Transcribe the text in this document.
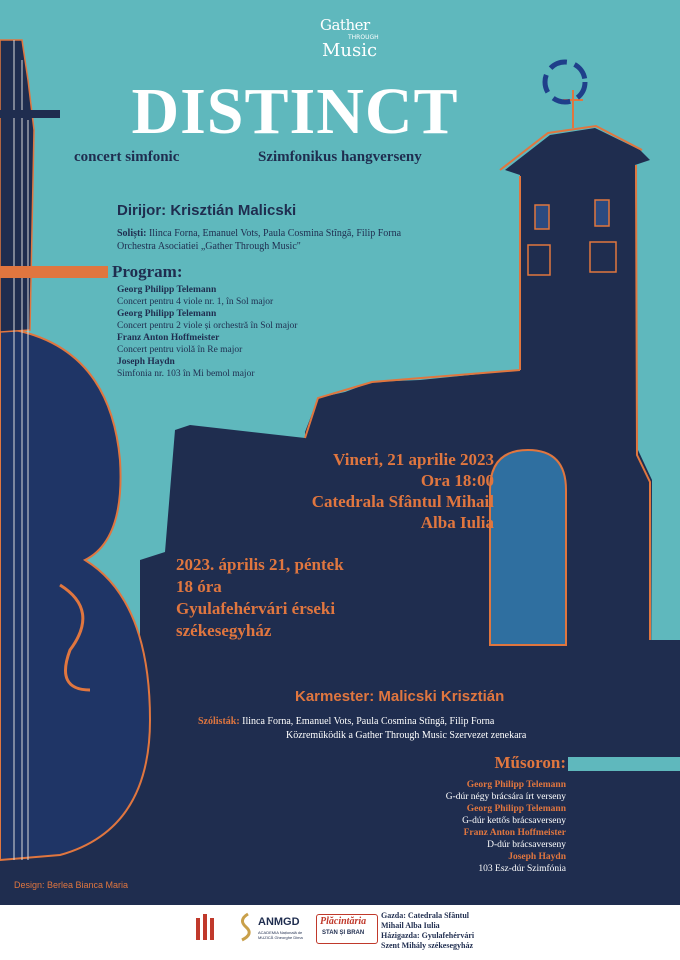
Gather
THROUGH
Music
DISTINCT
concert simfonic	Szimfonikus hangverseny
Dirijor: Krisztián Malicski
Soliști: Ilinca Forna, Emanuel Vots, Paula Cosmina Stîngă, Filip Forna
Orchestra Asociatiei „Gather Through Music"
Program:
Georg Philipp Telemann
Concert pentru 4 viole nr. 1, în Sol major
Georg Philipp Telemann
Concert pentru 2 viole și orchestră în Sol major
Franz Anton Hoffmeister
Concert pentru violă în Re major
Joseph Haydn
Simfonia nr. 103 în Mi bemol major
Vineri, 21 aprilie 2023
Ora 18:00
Catedrala Sfântul Mihail
Alba Iulia
2023. április 21, péntek
18 óra
Gyulafehérvári érseki
székesegyház
Karmester: Malicski Krisztián
Szólisták: Ilinca Forna, Emanuel Vots, Paula Cosmina Stîngă, Filip Forna
Közreműködik a Gather Through Music Szervezet zenekara
Műsoron:
Georg Philipp Telemann
G-dúr négy brácsára írt verseny
Georg Philipp Telemann
G-dúr kettős brácsaverseny
Franz Anton Hoffmeister
D-dúr brácsaverseny
Joseph Haydn
103 Esz-dúr Szimfónia
Design: Berlea Bianca Maria
ANMGD
ACADEMIA Națională de MUZICĂ Gheorghe Dima
Plăcintăria
STAN ȘI BRAN
Gazda: Catedrala Sfântul
Mihail Alba Iulia
Házigazda: Gyulafehérvári
Szent Mihály székesegyház
